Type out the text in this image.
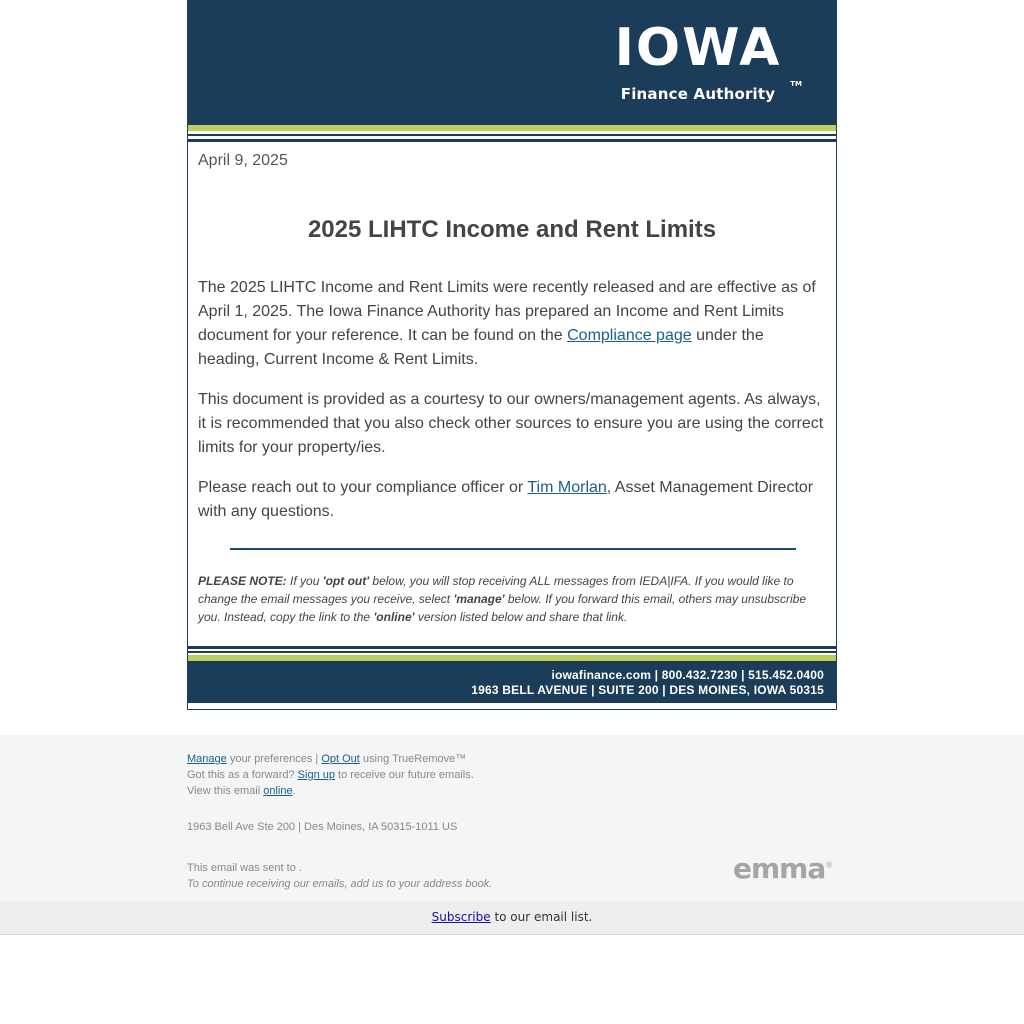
IOWA
TM
Finance Authority
April 9, 2025
2025 LIHTC Income and Rent Limits
The 2025 LIHTC Income and Rent Limits were recently released and are effective as of April 1, 2025. The Iowa Finance Authority has prepared an Income and Rent Limits document for your reference. It can be found on the Compliance page under the heading, Current Income & Rent Limits.
This document is provided as a courtesy to our owners/management agents. As always, it is recommended that you also check other sources to ensure you are using the correct limits for your property/ies.
Please reach out to your compliance officer or Tim Morlan, Asset Management Director with any questions.
PLEASE NOTE: If you 'opt out' below, you will stop receiving ALL messages from IEDA|IFA. If you would like to change the email messages you receive, select 'manage' below. If you forward this email, others may unsubscribe you. Instead, copy the link to the 'online' version listed below and share that link.
iowafinance.com | 800.432.7230 | 515.452.0400
1963 BELL AVENUE | SUITE 200 | DES MOINES, IOWA 50315
Manage your preferences | Opt Out using TrueRemove™
Got this as a forward? Sign up to receive our future emails.
View this email online.
1963 Bell Ave Ste 200 | Des Moines, IA 50315-1011 US
This email was sent to .
To continue receiving our emails, add us to your address book.	emma®
Subscribe to our email list.
